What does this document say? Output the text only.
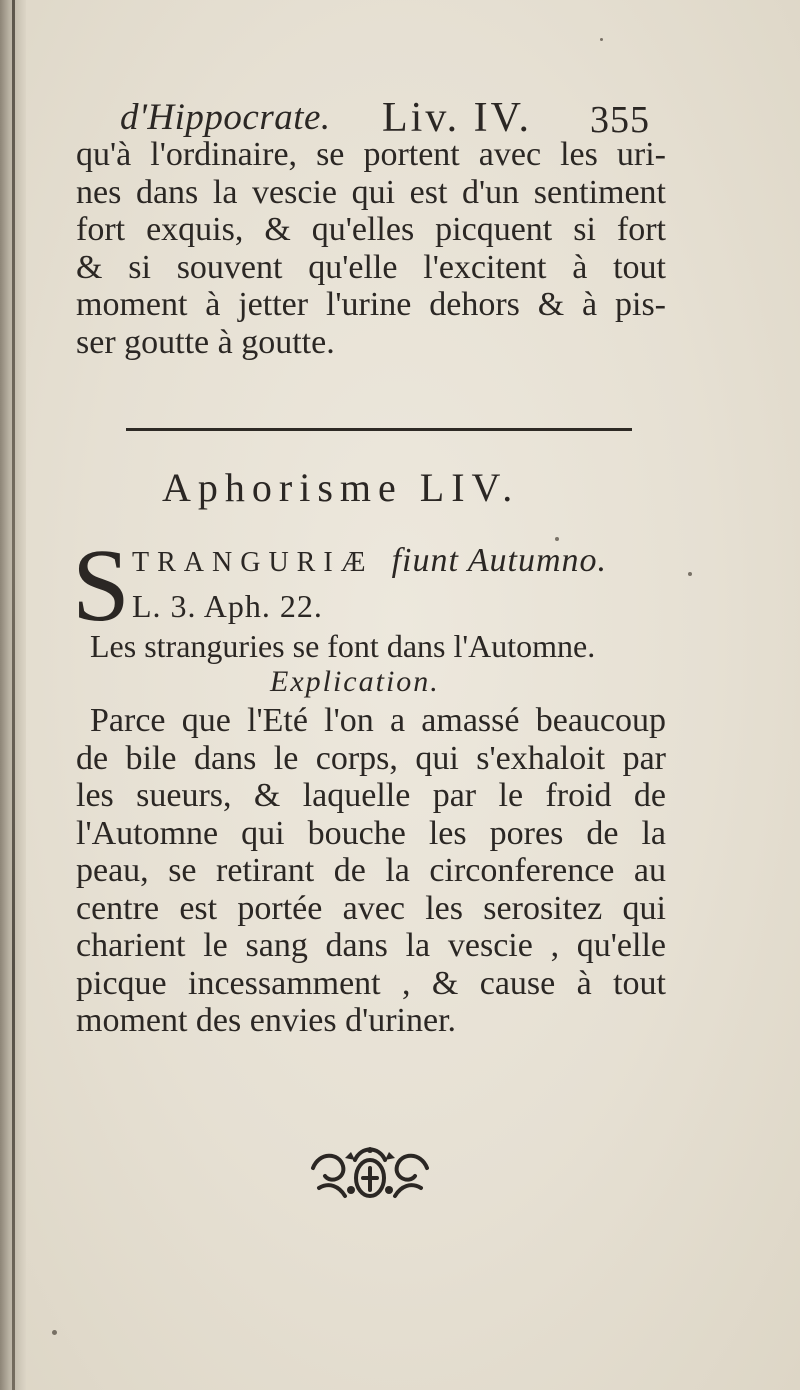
d'Hippocrate. Liv. IV. 355
qu'à l'ordinaire, se portent avec les uri-
nes dans la vescie qui est d'un sentiment
fort exquis, & qu'elles picquent si fort
& si souvent qu'elle l'excitent à tout
moment à jetter l'urine dehors & à pis-
ser goutte à goutte.
Aphorisme LIV.
S TRANGURIÆ fiunt Autumno.
L. 3. Aph. 22.
Les stranguries se font dans l'Automne.
Explication.
Parce que l'Eté l'on a amassé beaucoup
de bile dans le corps, qui s'exhaloit par
les sueurs, & laquelle par le froid de
l'Automne qui bouche les pores de la
peau, se retirant de la circonference au
centre est portée avec les serositez qui
charient le sang dans la vescie , qu'elle
picque incessamment , & cause à tout
moment des envies d'uriner.
